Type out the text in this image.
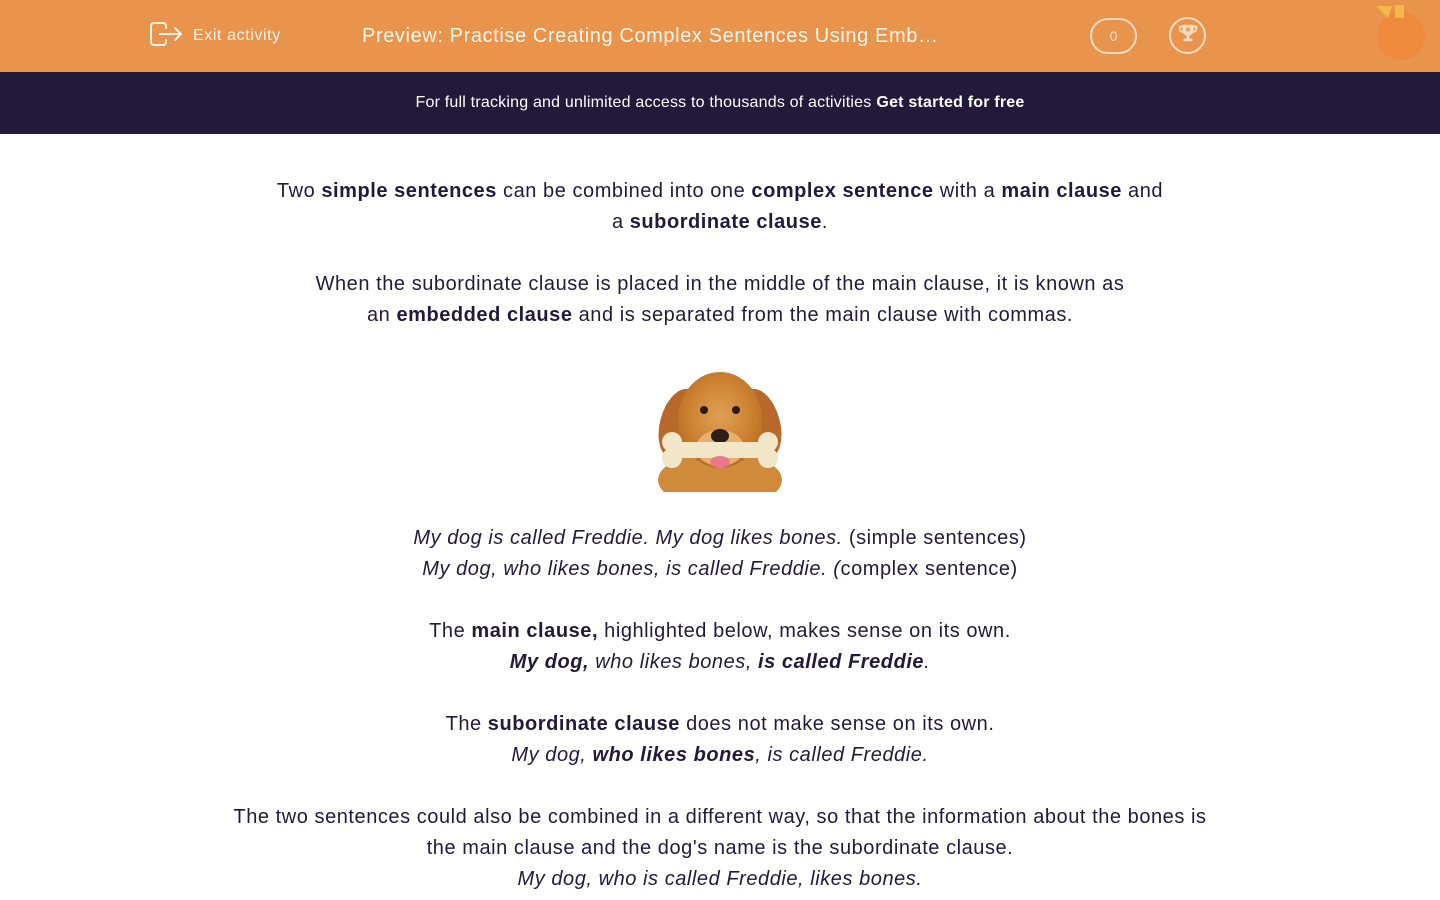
Exit activity	Preview: Practise Creating Complex Sentences Using Emb…	0
For full tracking and unlimited access to thousands of activities Get started for free

Two simple sentences can be combined into one complex sentence with a main clause and
a subordinate clause.

When the subordinate clause is placed in the middle of the main clause, it is known as
an embedded clause and is separated from the main clause with commas.

My dog is called Freddie. My dog likes bones. (simple sentences)

My dog, who likes bones, is called Freddie. (complex sentence)

The main clause, highlighted below, makes sense on its own.

My dog, who likes bones, is called Freddie.

The subordinate clause does not make sense on its own.

My dog, who likes bones, is called Freddie.

The two sentences could also be combined in a different way, so that the information about the bones is
the main clause and the dog's name is the subordinate clause.
My dog, who is called Freddie, likes bones.
